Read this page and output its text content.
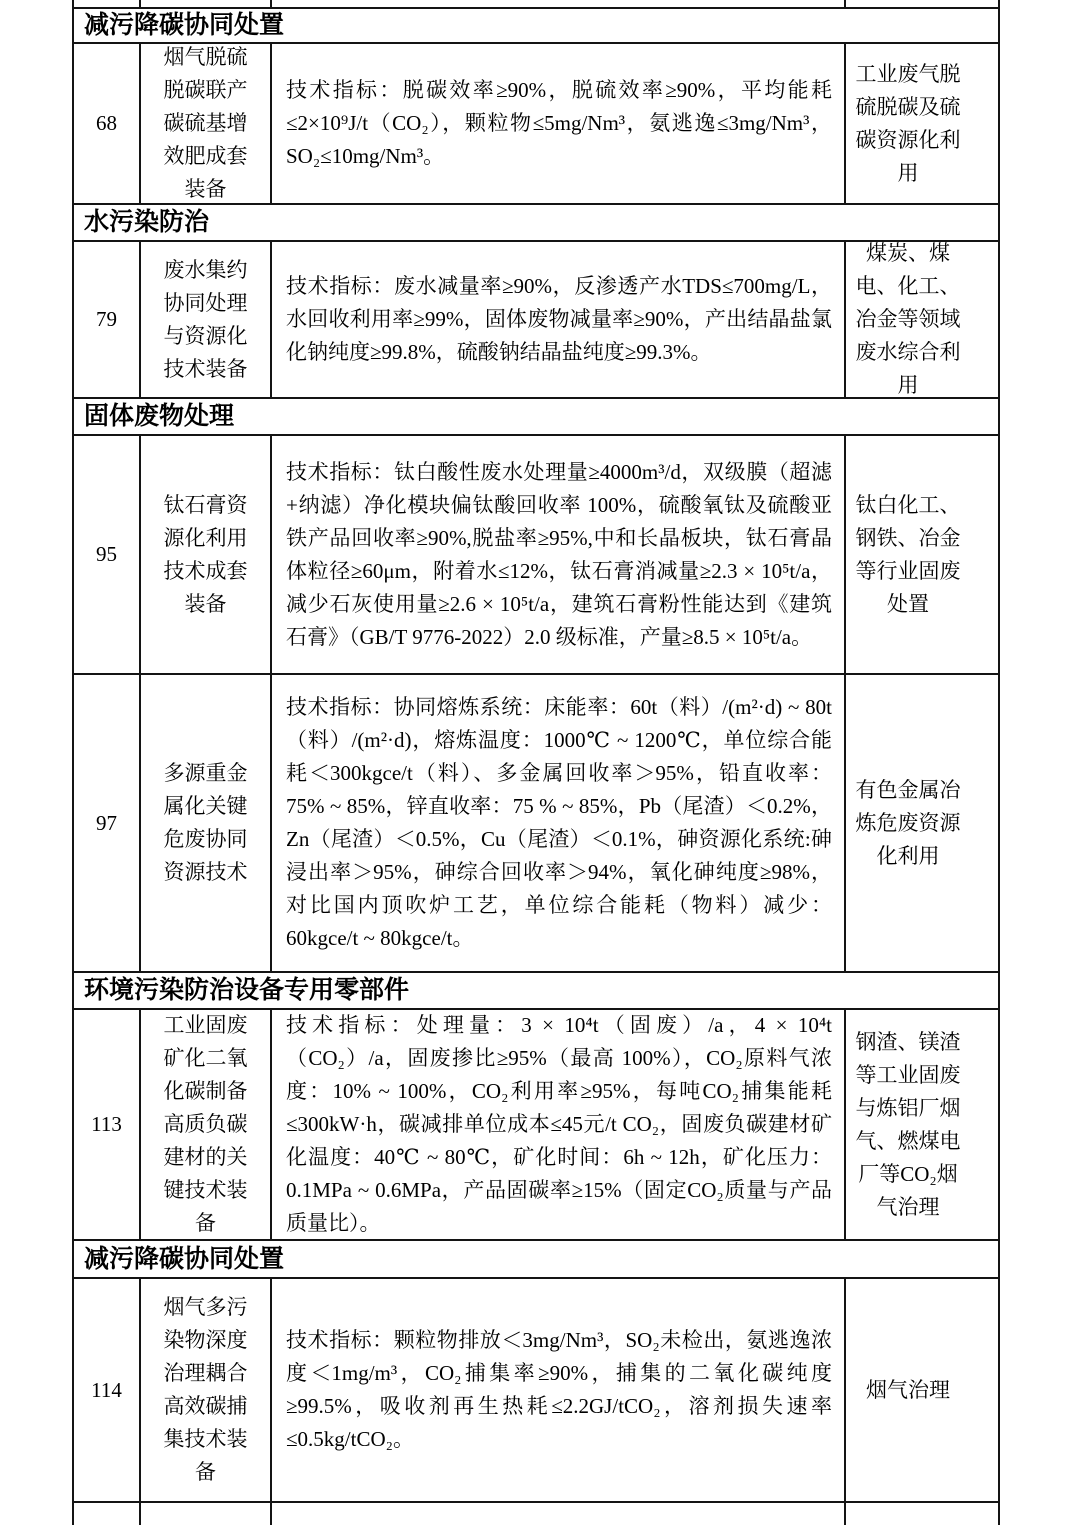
减污降碳协同处置
68
烟气脱硫脱碳联产碳硫基增效肥成套装备
技术指标：脱碳效率≥90%，脱硫效率≥90%，平均能耗≤2×10⁹J/t（CO₂），颗粒物≤5mg/Nm³，氨逃逸≤3mg/Nm³，SO₂≤10mg/Nm³。
工业废气脱硫脱碳及硫碳资源化利用
水污染防治
79
废水集约协同处理与资源化技术装备
技术指标：废水减量率≥90%，反渗透产水TDS≤700mg/L，水回收利用率≥99%，固体废物减量率≥90%，产出结晶盐氯化钠纯度≥99.8%，硫酸钠结晶盐纯度≥99.3%。
煤炭、煤电、化工、冶金等领域废水综合利用
固体废物处理
95
钛石膏资源化利用技术成套装备
技术指标：钛白酸性废水处理量≥4000m³/d，双级膜（超滤+纳滤）净化模块偏钛酸回收率 100%，硫酸氧钛及硫酸亚铁产品回收率≥90%,脱盐率≥95%,中和长晶板块，钛石膏晶体粒径≥60μm，附着水≤12%，钛石膏消减量≥2.3 × 10⁵t/a，减少石灰使用量≥2.6 × 10⁵t/a，建筑石膏粉性能达到《建筑石膏》（GB/T 9776-2022）2.0 级标准，产量≥8.5 × 10⁵t/a。
钛白化工、钢铁、冶金等行业固废处置
97
多源重金属化关键危废协同资源技术
技术指标：协同熔炼系统：床能率：60t（料）/(m²·d) ~ 80t（料）/(m²·d)，熔炼温度：1000℃ ~ 1200℃，单位综合能耗＜300kgce/t（料）、多金属回收率＞95%，铅直收率：75% ~ 85%，锌直收率：75 % ~ 85%，Pb（尾渣）＜0.2%，Zn（尾渣）＜0.5%，Cu（尾渣）＜0.1%，砷资源化系统:砷浸出率＞95%，砷综合回收率＞94%，氧化砷纯度≥98%，对比国内顶吹炉工艺，单位综合能耗（物料）减少：60kgce/t ~ 80kgce/t。
有色金属冶炼危废资源化利用
环境污染防治设备专用零部件
113
工业固废矿化二氧化碳制备高质负碳建材的关键技术装备
技术指标：处理量：3 × 10⁴t（固废）/a，4 × 10⁴t（CO₂）/a，固废掺比≥95%（最高 100%），CO₂原料气浓度：10% ~ 100%，CO₂利用率≥95%，每吨CO₂捕集能耗≤300kW·h，碳减排单位成本≤45元/t CO₂，固废负碳建材矿化温度：40℃ ~ 80℃，矿化时间：6h ~ 12h，矿化压力：0.1MPa ~ 0.6MPa，产品固碳率≥15%（固定CO₂质量与产品质量比）。
钢渣、镁渣等工业固废与炼铝厂烟气、燃煤电厂等CO₂烟气治理
减污降碳协同处置
114
烟气多污染物深度治理耦合高效碳捕集技术装备
技术指标：颗粒物排放＜3mg/Nm³，SO₂未检出，氨逃逸浓度＜1mg/m³，CO₂捕集率≥90%，捕集的二氧化碳纯度≥99.5%，吸收剂再生热耗≤2.2GJ/tCO₂，溶剂损失速率≤0.5kg/tCO₂。
烟气治理
